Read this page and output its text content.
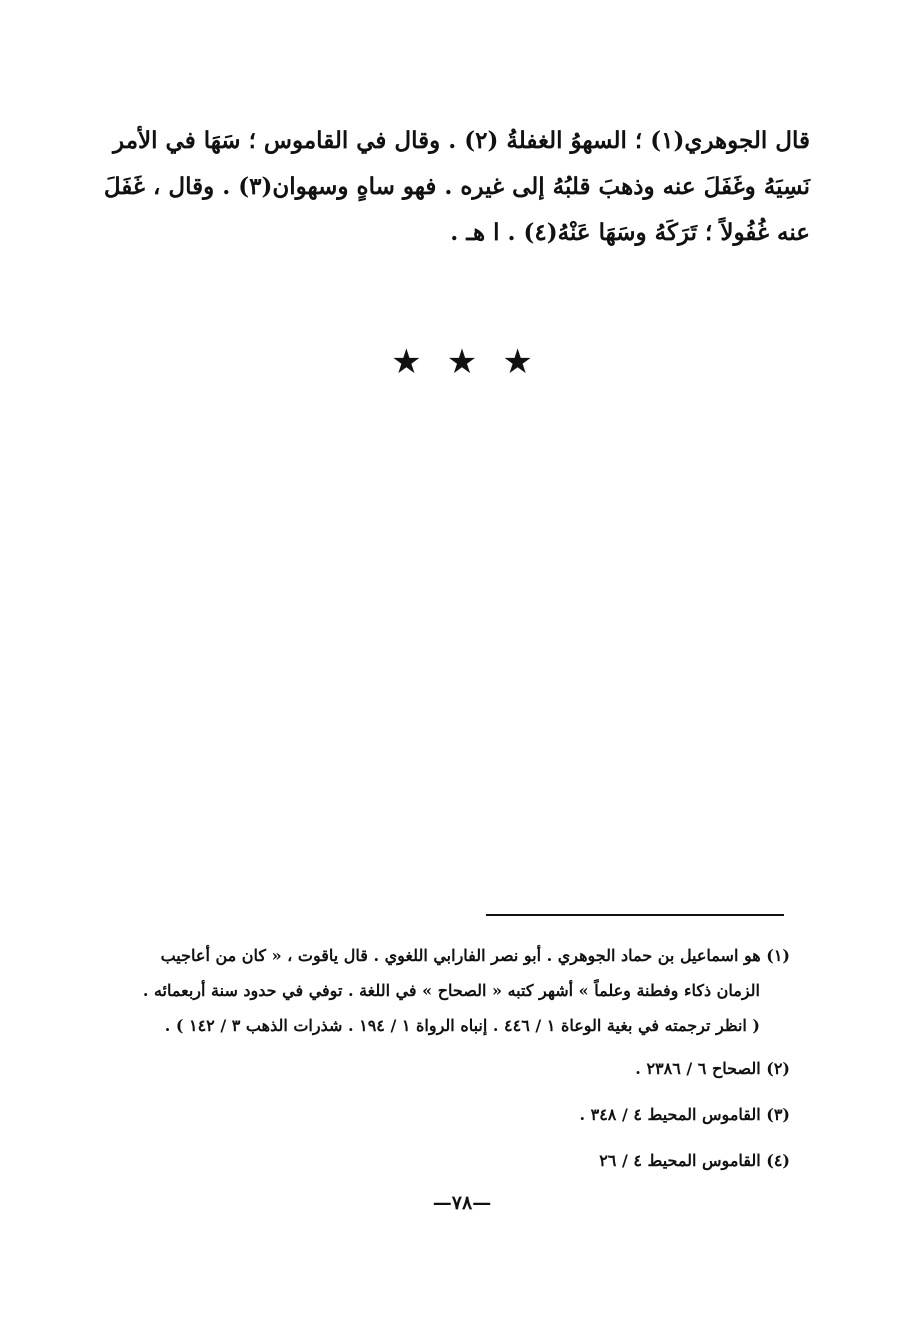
قال الجوهري(١) ؛ السهوُ الغفلةُ (٢) . وقال في القاموس ؛ سَهَا في الأمر
نَسِيَهُ وغَفَلَ عنه وذهبَ قلبُهُ إلى غيره . فهو ساهٍ وسهوان(٣) . وقال ، غَفَلَ
عنه غُفُولاً ؛ تَرَكَهُ وسَهَا عَنْهُ(٤) . ا هـ .
★ ★ ★
(١) هو اسماعيل بن حماد الجوهري . أبو نصر الفارابي اللغوي . قال ياقوت ، « كان من أعاجيب
الزمان ذكاء وفطنة وعلماً » أشهر كتبه « الصحاح » في اللغة . توفي في حدود سنة أربعمائه .
( انظر ترجمته في بغية الوعاة ١ / ٤٤٦ . إنباه الرواة ١ / ١٩٤ . شذرات الذهب ٣ / ١٤٢ ) .
(٢) الصحاح ٦ / ٢٣٨٦ .
(٣) القاموس المحيط ٤ / ٣٤٨ .
(٤) القاموس المحيط ٤ / ٢٦
—٧٨—
